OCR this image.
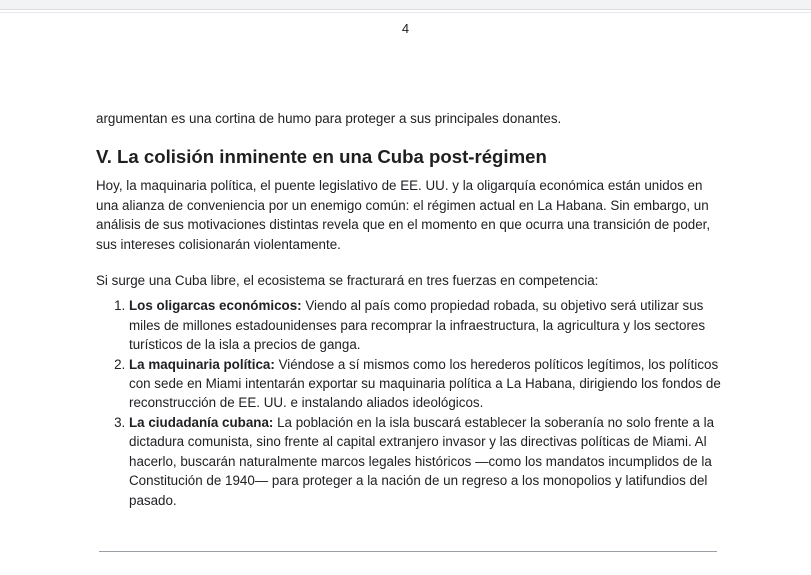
4

argumentan es una cortina de humo para proteger a sus principales donantes.

V. La colisión inminente en una Cuba post-régimen

Hoy, la maquinaria política, el puente legislativo de EE. UU. y la oligarquía económica están unidos en una alianza de conveniencia por un enemigo común: el régimen actual en La Habana. Sin embargo, un análisis de sus motivaciones distintas revela que en el momento en que ocurra una transición de poder, sus intereses colisionarán violentamente.

Si surge una Cuba libre, el ecosistema se fracturará en tres fuerzas en competencia:

1. Los oligarcas económicos: Viendo al país como propiedad robada, su objetivo será utilizar sus miles de millones estadounidenses para recomprar la infraestructura, la agricultura y los sectores turísticos de la isla a precios de ganga.
2. La maquinaria política: Viéndose a sí mismos como los herederos políticos legítimos, los políticos con sede en Miami intentarán exportar su maquinaria política a La Habana, dirigiendo los fondos de reconstrucción de EE. UU. e instalando aliados ideológicos.
3. La ciudadanía cubana: La población en la isla buscará establecer la soberanía no solo frente a la dictadura comunista, sino frente al capital extranjero invasor y las directivas políticas de Miami. Al hacerlo, buscarán naturalmente marcos legales históricos —como los mandatos incumplidos de la Constitución de 1940— para proteger a la nación de un regreso a los monopolios y latifundios del pasado.
